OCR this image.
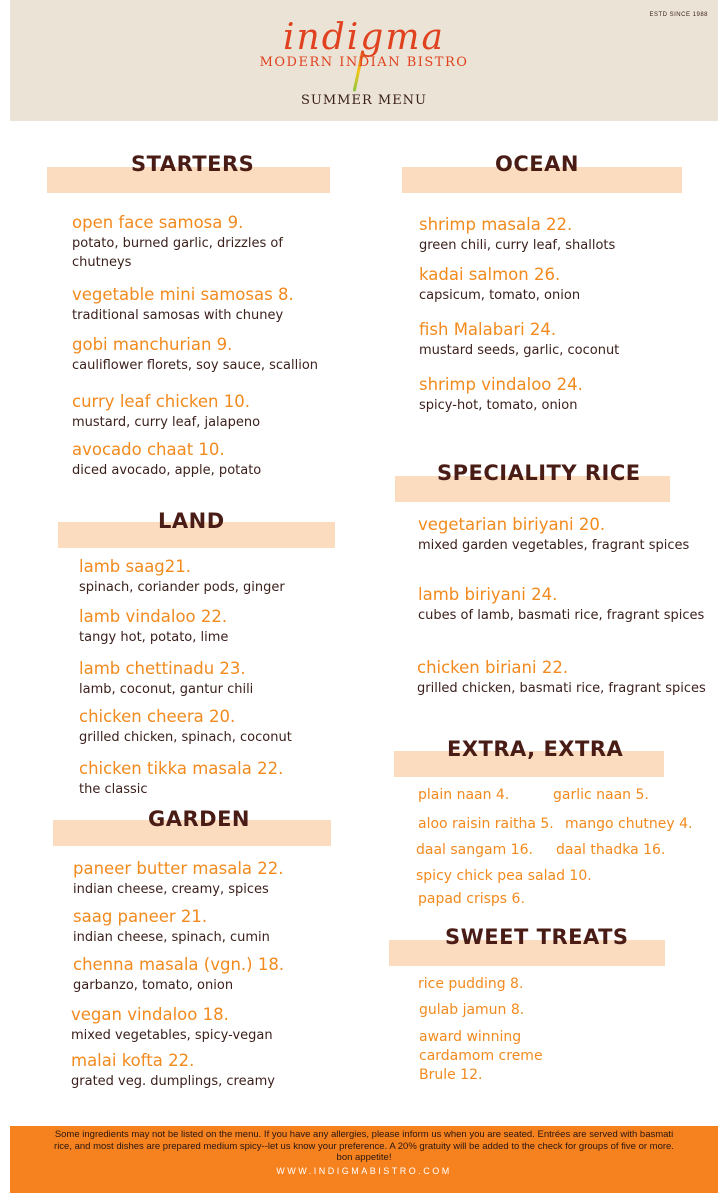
ESTD SINCE 1988
indigma
MODERN INDIAN BISTRO
SUMMER MENU
STARTERS
open face samosa 9.
potato, burned garlic, drizzles of chutneys
vegetable mini samosas 8.
traditional samosas with chuney
gobi manchurian 9.
cauliflower florets, soy sauce, scallion
curry leaf chicken 10.
mustard, curry leaf, jalapeno
avocado chaat 10.
diced avocado, apple, potato
LAND
lamb saag21.
spinach, coriander pods, ginger
lamb vindaloo 22.
tangy hot, potato, lime
lamb chettinadu 23.
lamb, coconut, gantur chili
chicken cheera 20.
grilled chicken, spinach, coconut
chicken tikka masala 22.
the classic
GARDEN
paneer butter masala 22.
indian cheese, creamy, spices
saag paneer 21.
indian cheese, spinach, cumin
chenna masala (vgn.) 18.
garbanzo, tomato, onion
vegan vindaloo 18.
mixed vegetables, spicy-vegan
malai kofta 22.
grated veg. dumplings, creamy
OCEAN
shrimp masala 22.
green chili, curry leaf, shallots
kadai salmon 26.
capsicum, tomato, onion
fish Malabari 24.
mustard seeds, garlic, coconut
shrimp vindaloo 24.
spicy-hot, tomato, onion
SPECIALITY RICE
vegetarian biriyani 20.
mixed garden vegetables, fragrant spices
lamb biriyani 24.
cubes of lamb, basmati rice, fragrant spices
chicken biriani 22.
grilled chicken, basmati rice, fragrant spices
EXTRA, EXTRA
plain naan 4.	garlic naan 5.
aloo raisin raitha 5. mango chutney 4.
daal sangam 16. daal thadka 16.
spicy chick pea salad 10.
papad crisps 6.
SWEET TREATS
rice pudding 8.
gulab jamun 8.
award winning cardamom creme Brule 12.
Some ingredients may not be listed on the menu. If you have any allergies, please inform us when you are seated. Entrées are served with basmati rice, and most dishes are prepared medium spicy--let us know your preference. A 20% gratuity will be added to the check for groups of five or more.
bon appetite!
WWW.INDIGMABISTRO.COM
